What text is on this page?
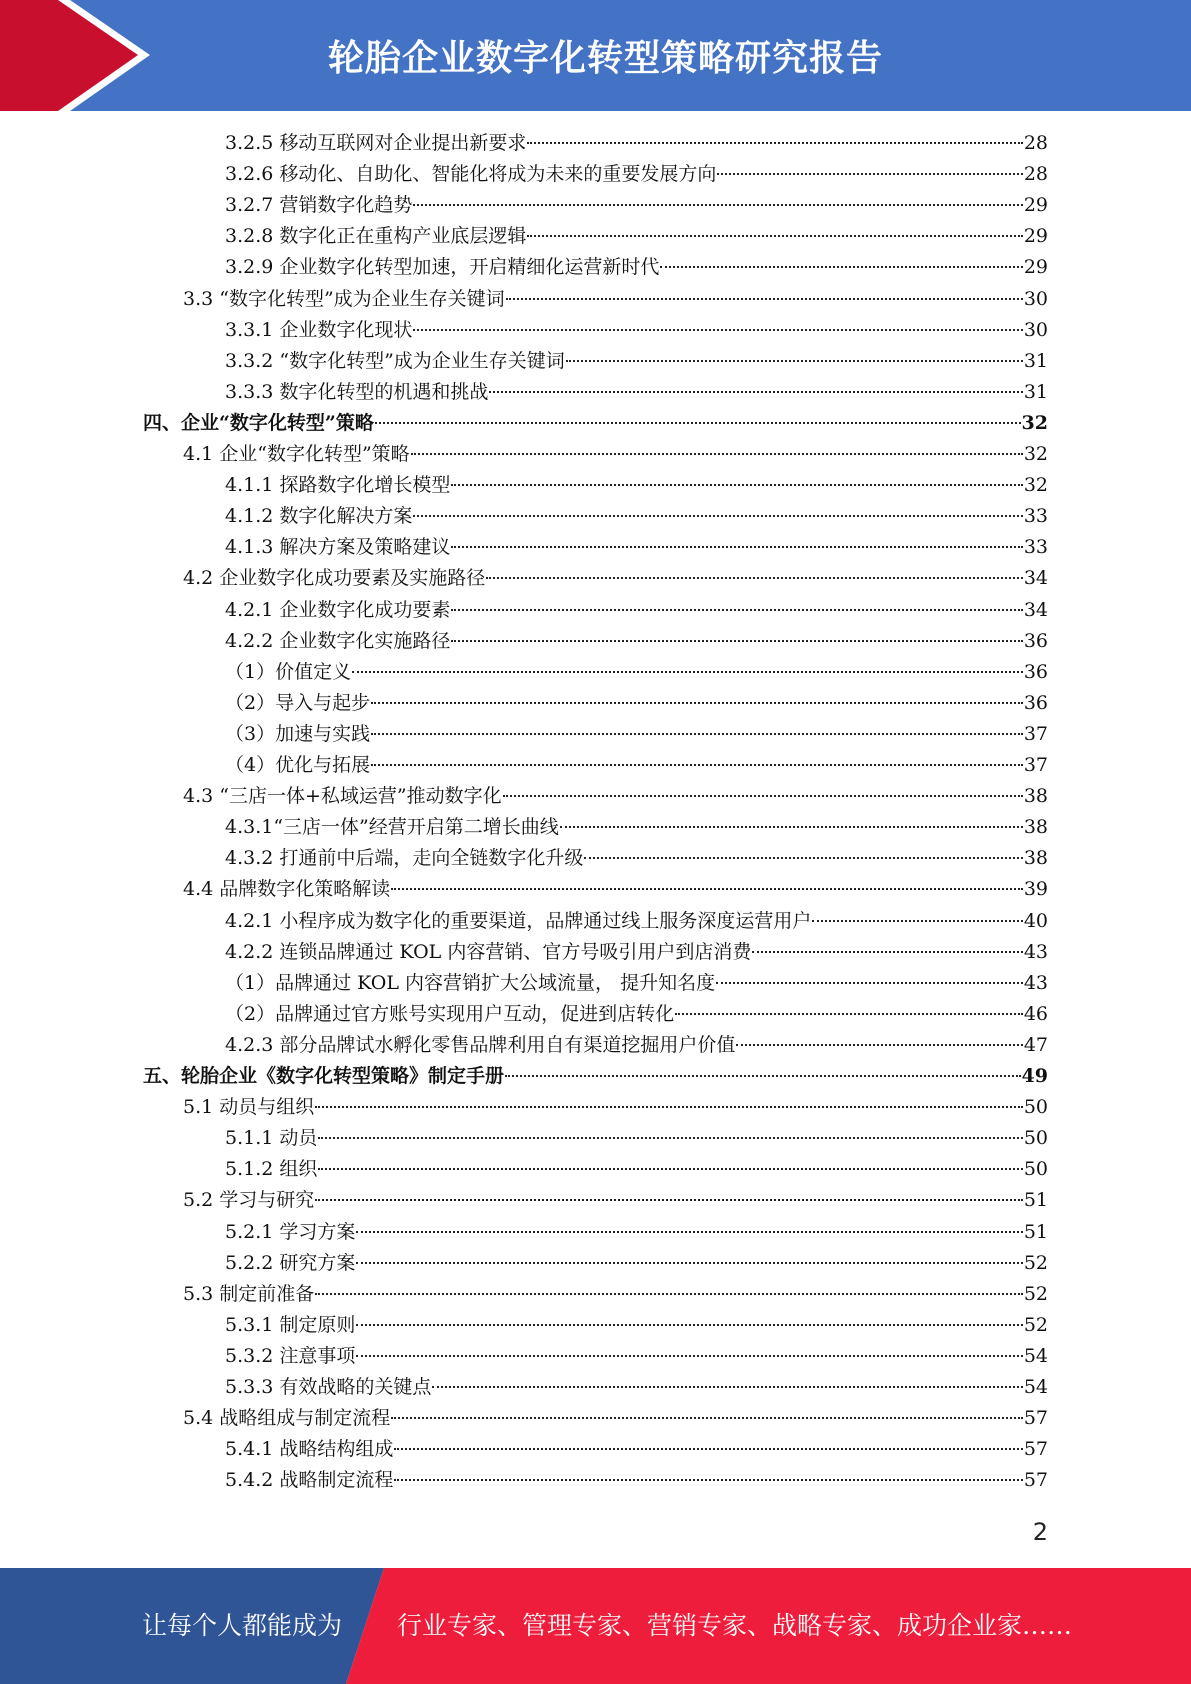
轮胎企业数字化转型策略研究报告
3.2.5 移动互联网对企业提出新要求	28
3.2.6 移动化、自助化、智能化将成为未来的重要发展方向	28
3.2.7 营销数字化趋势	29
3.2.8 数字化正在重构产业底层逻辑	29
3.2.9 企业数字化转型加速，开启精细化运营新时代	29
3.3 “数字化转型”成为企业生存关键词	30
3.3.1 企业数字化现状	30
3.3.2 “数字化转型”成为企业生存关键词	31
3.3.3 数字化转型的机遇和挑战	31
四、企业“数字化转型”策略	32
4.1 企业“数字化转型”策略	32
4.1.1 探路数字化增长模型	32
4.1.2 数字化解决方案	33
4.1.3 解决方案及策略建议	33
4.2 企业数字化成功要素及实施路径	34
4.2.1 企业数字化成功要素	34
4.2.2 企业数字化实施路径	36
（1）价值定义	36
（2）导入与起步	36
（3）加速与实践	37
（4）优化与拓展	37
4.3 “三店一体+私域运营”推动数字化	38
4.3.1“三店一体”经营开启第二增长曲线	38
4.3.2 打通前中后端，走向全链数字化升级	38
4.4 品牌数字化策略解读	39
4.2.1 小程序成为数字化的重要渠道，品牌通过线上服务深度运营用户	40
4.2.2 连锁品牌通过 KOL 内容营销、官方号吸引用户到店消费	43
（1）品牌通过 KOL 内容营销扩大公域流量， 提升知名度	43
（2）品牌通过官方账号实现用户互动，促进到店转化	46
4.2.3 部分品牌试水孵化零售品牌利用自有渠道挖掘用户价值	47
五、轮胎企业《数字化转型策略》制定手册	49
5.1 动员与组织	50
5.1.1 动员	50
5.1.2 组织	50
5.2 学习与研究	51
5.2.1 学习方案	51
5.2.2 研究方案	52
5.3 制定前准备	52
5.3.1 制定原则	52
5.3.2 注意事项	54
5.3.3 有效战略的关键点	54
5.4 战略组成与制定流程	57
5.4.1 战略结构组成	57
5.4.2 战略制定流程	57
2
让每个人都能成为 行业专家、管理专家、营销专家、战略专家、成功企业家……
